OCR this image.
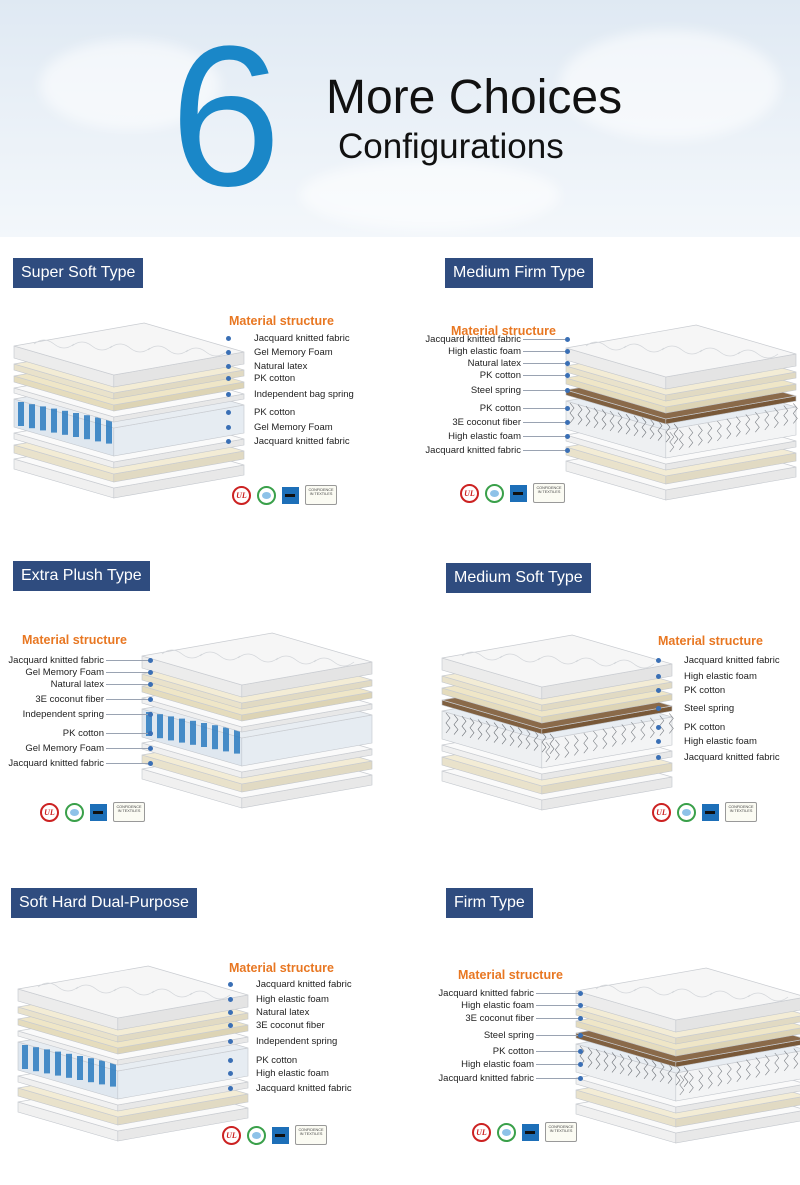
6 More Choices
Configurations
Super Soft Type
Material structure
Jacquard knitted fabric
Gel Memory Foam
Natural latex
PK cotton
Independent bag spring
PK cotton
Gel Memory Foam
Jacquard knitted fabric
UL
CONFIDENCE IN TEXTILES
Medium Firm Type
Material structure
Jacquard knitted fabric
High elastic foam
Natural latex
PK cotton
Steel spring
PK cotton
3E coconut fiber
High elastic foam
Jacquard knitted fabric
UL
CONFIDENCE IN TEXTILES
Extra Plush Type
Material structure
Jacquard knitted fabric
Gel Memory Foam
Natural latex
3E coconut fiber
Independent spring
PK cotton
Gel Memory Foam
Jacquard knitted fabric
UL
CONFIDENCE IN TEXTILES
Medium Soft Type
Material structure
Jacquard knitted fabric
High elastic foam
PK cotton
Steel spring
PK cotton
High elastic foam
Jacquard knitted fabric
UL
CONFIDENCE IN TEXTILES
Soft Hard Dual-Purpose
Material structure
Jacquard knitted fabric
High elastic foam
Natural latex
3E coconut fiber
Independent spring
PK cotton
High elastic foam
Jacquard knitted fabric
UL
CONFIDENCE IN TEXTILES
Firm Type
Material structure
Jacquard knitted fabric
High elastic foam
3E coconut fiber
Steel spring
PK cotton
High elastic foam
Jacquard knitted fabric
UL
CONFIDENCE IN TEXTILES
